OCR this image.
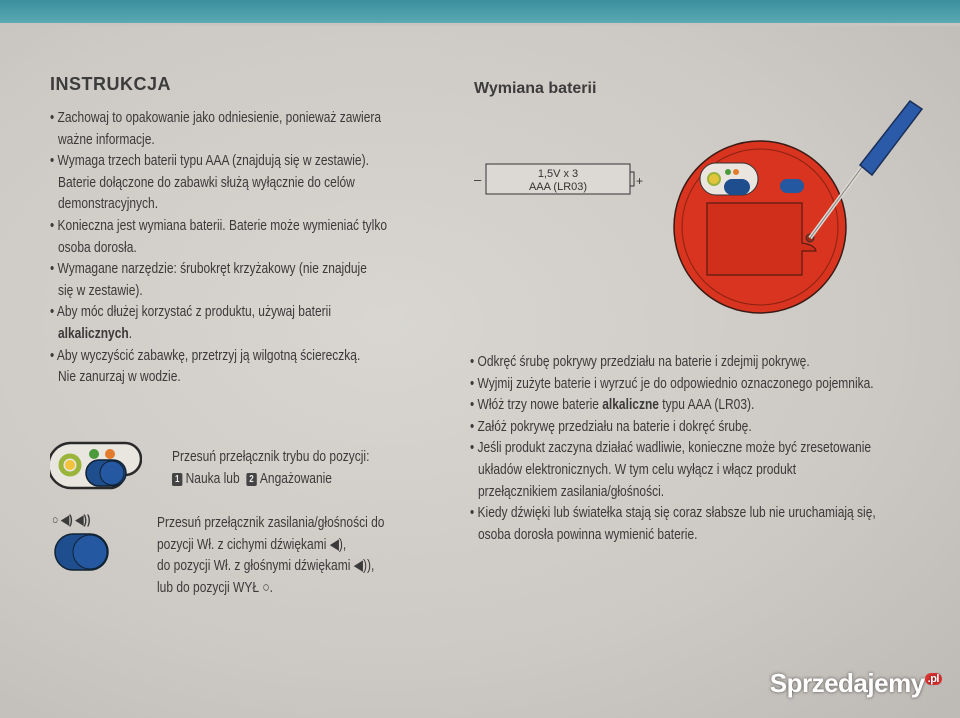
INSTRUKCJA
• Zachowaj to opakowanie jako odniesienie, ponieważ zawiera
ważne informacje.
• Wymaga trzech baterii typu AAA (znajdują się w zestawie).
Baterie dołączone do zabawki służą wyłącznie do celów
demonstracyjnych.
• Konieczna jest wymiana baterii. Baterie może wymieniać tylko
osoba dorosła.
• Wymagane narzędzie: śrubokręt krzyżakowy (nie znajduje
się w zestawie).
• Aby móc dłużej korzystać z produktu, używaj baterii
alkalicznych.
• Aby wyczyścić zabawkę, przetrzyj ją wilgotną ściereczką.
Nie zanurzaj w wodzie.
Przesuń przełącznik trybu do pozycji:
1 Nauka lub 2 Angażowanie
○ ◀) ◀))	Przesuń przełącznik zasilania/głośności do
pozycji Wł. z cichymi dźwiękami ◀),
do pozycji Wł. z głośnymi dźwiękami ◀)),
lub do pozycji WYŁ ○.
Wymiana baterii
–	+
1,5V x 3
AAA (LR03)
• Odkręć śrubę pokrywy przedziału na baterie i zdejmij pokrywę.
• Wyjmij zużyte baterie i wyrzuć je do odpowiednio oznaczonego pojemnika.
• Włóż trzy nowe baterie alkaliczne typu AAA (LR03).
• Załóż pokrywę przedziału na baterie i dokręć śrubę.
• Jeśli produkt zaczyna działać wadliwie, konieczne może być zresetowanie
układów elektronicznych. W tym celu wyłącz i włącz produkt
przełącznikiem zasilania/głośności.
• Kiedy dźwięki lub światełka stają się coraz słabsze lub nie uruchamiają się,
osoba dorosła powinna wymienić baterie.
Sprzedajemy $^{.pl}$
